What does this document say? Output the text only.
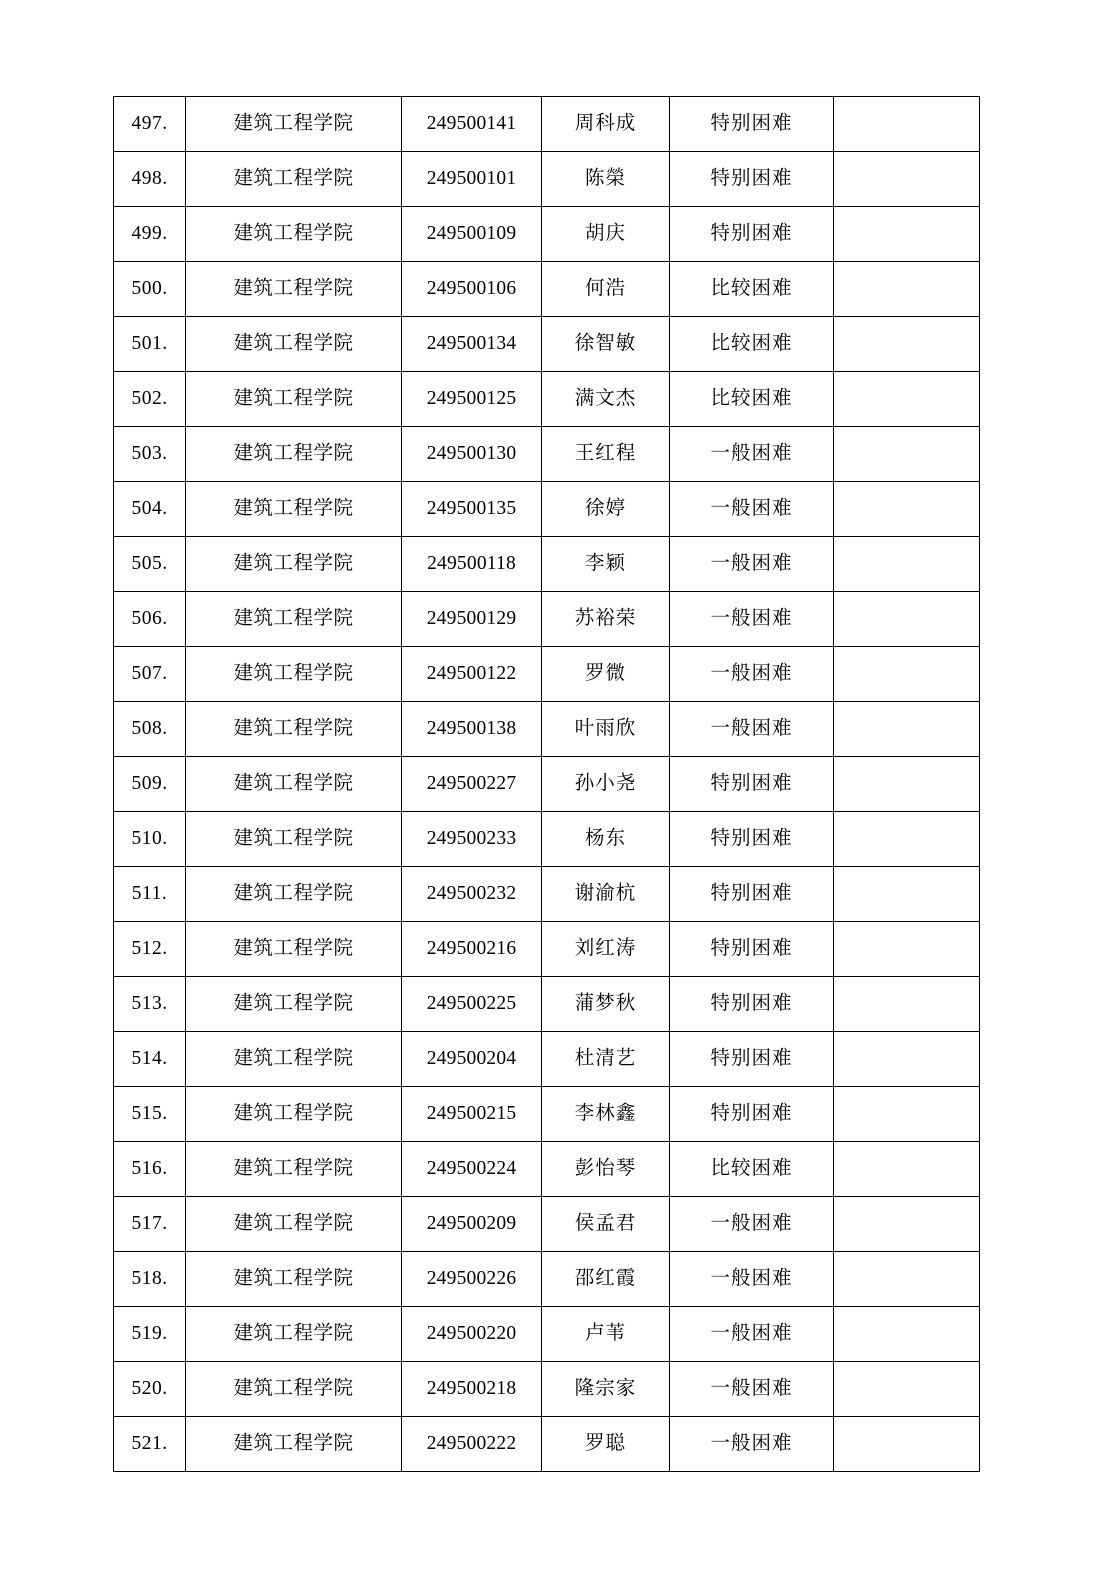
497.	建筑工程学院	249500141	周科成	特别困难	
498.	建筑工程学院	249500101	陈榮	特别困难	
499.	建筑工程学院	249500109	胡庆	特别困难	
500.	建筑工程学院	249500106	何浩	比较困难	
501.	建筑工程学院	249500134	徐智敏	比较困难	
502.	建筑工程学院	249500125	满文杰	比较困难	
503.	建筑工程学院	249500130	王红程	一般困难	
504.	建筑工程学院	249500135	徐婷	一般困难	
505.	建筑工程学院	249500118	李颖	一般困难	
506.	建筑工程学院	249500129	苏裕荣	一般困难	
507.	建筑工程学院	249500122	罗微	一般困难	
508.	建筑工程学院	249500138	叶雨欣	一般困难	
509.	建筑工程学院	249500227	孙小尧	特别困难	
510.	建筑工程学院	249500233	杨东	特别困难	
511.	建筑工程学院	249500232	谢渝杭	特别困难	
512.	建筑工程学院	249500216	刘红涛	特别困难	
513.	建筑工程学院	249500225	蒲梦秋	特别困难	
514.	建筑工程学院	249500204	杜清艺	特别困难	
515.	建筑工程学院	249500215	李林鑫	特别困难	
516.	建筑工程学院	249500224	彭怡琴	比较困难	
517.	建筑工程学院	249500209	侯孟君	一般困难	
518.	建筑工程学院	249500226	邵红霞	一般困难	
519.	建筑工程学院	249500220	卢苇	一般困难	
520.	建筑工程学院	249500218	隆宗家	一般困难	
521.	建筑工程学院	249500222	罗聪	一般困难	
